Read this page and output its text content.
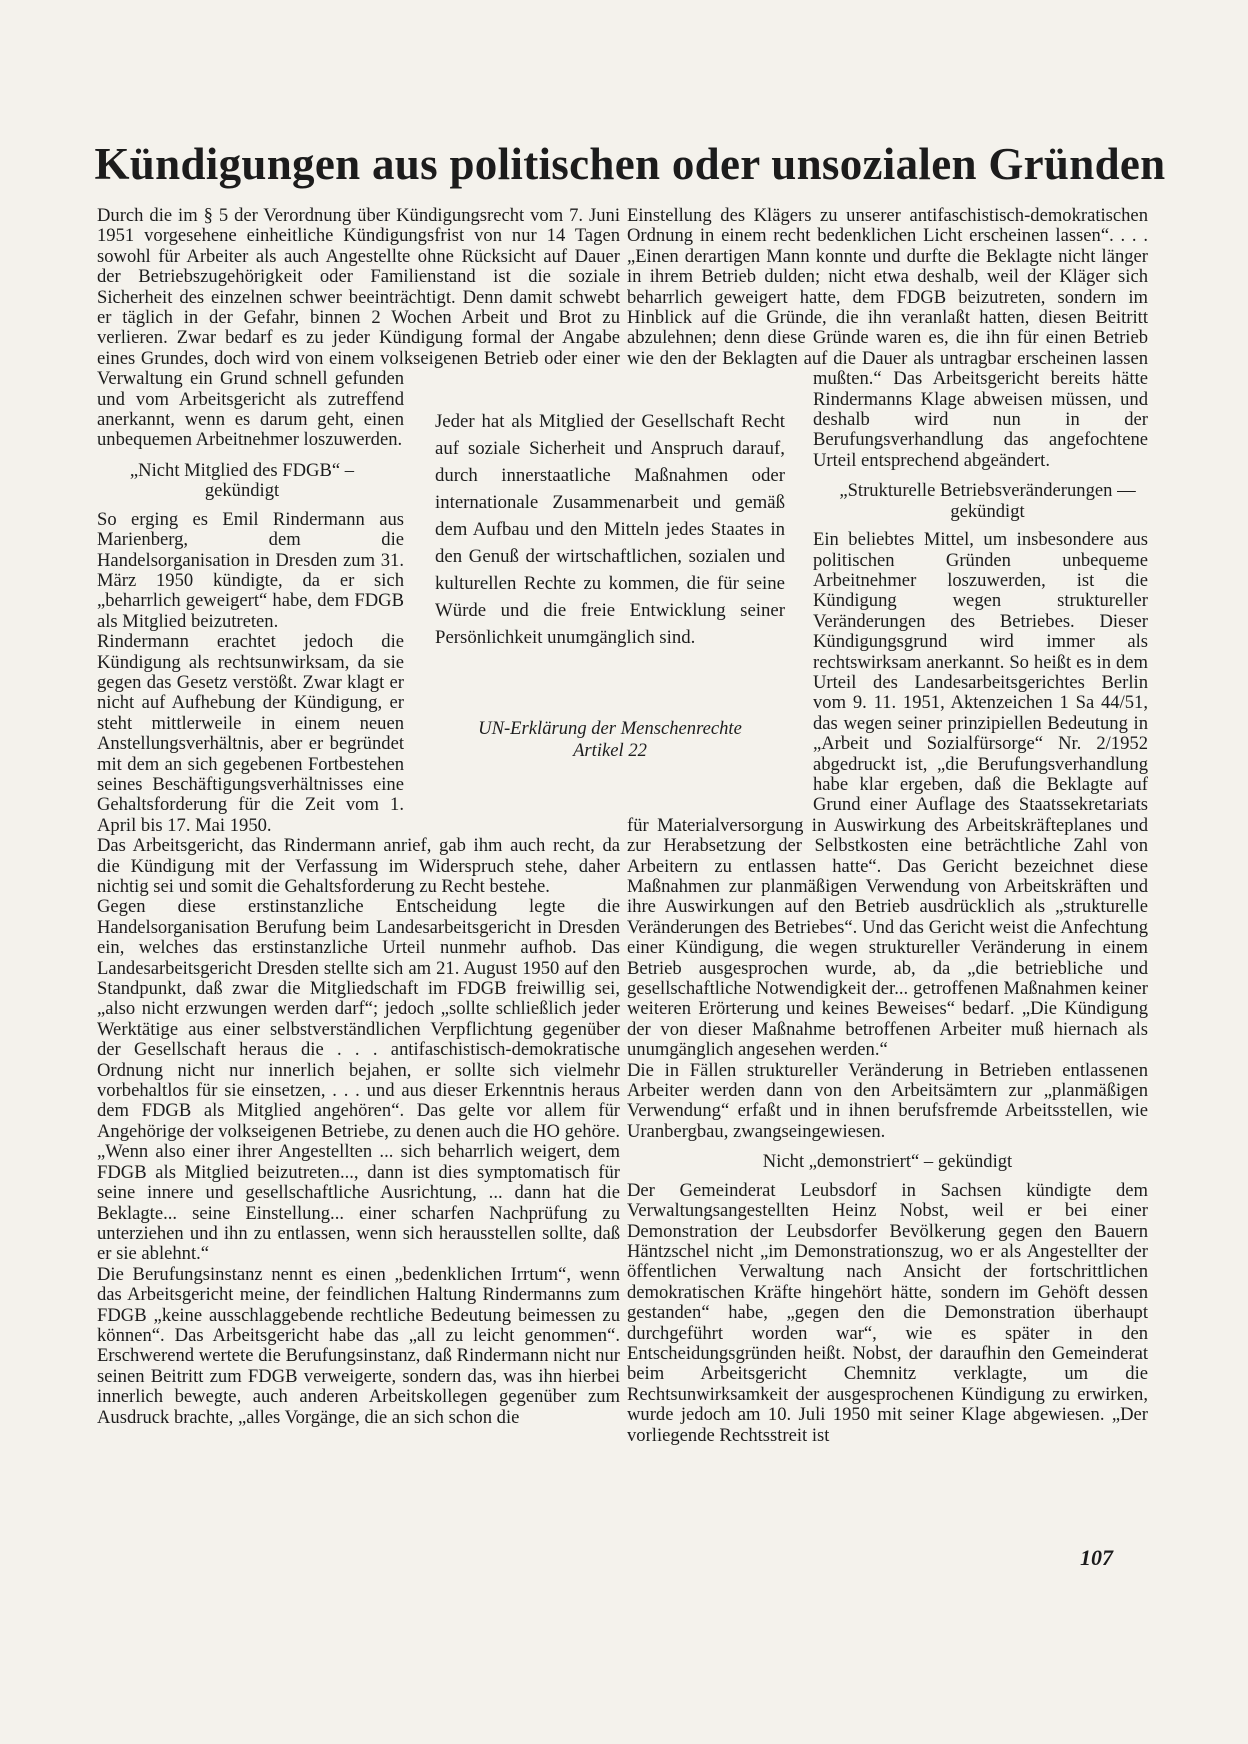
Kündigungen aus politischen oder unsozialen Gründen

Durch die im § 5 der Verordnung über Kündigungsrecht vom 7. Juni 1951 vorgesehene einheitliche Kündigungsfrist von nur 14 Tagen sowohl für Arbeiter als auch Angestellte ohne Rücksicht auf Dauer der Betriebszugehörigkeit oder Familienstand ist die soziale Sicherheit des einzelnen schwer beeinträchtigt. Denn damit schwebt er täglich in der Gefahr, binnen 2 Wochen Arbeit und Brot zu verlieren. Zwar bedarf es zu jeder Kündigung formal der Angabe eines Grundes, doch wird von einem volkseigenen Betrieb oder einer Verwaltung ein Grund schnell gefunden und vom Arbeitsgericht als zutreffend anerkannt, wenn es darum geht, einen unbequemen Arbeitnehmer loszuwerden.

„Nicht Mitglied des FDGB“ – gekündigt

So erging es Emil Rindermann aus Marienberg, dem die Handelsorganisation in Dresden zum 31. März 1950 kündigte, da er sich „beharrlich geweigert“ habe, dem FDGB als Mitglied beizutreten.

Rindermann erachtet jedoch die Kündigung als rechtsunwirksam, da sie gegen das Gesetz verstößt. Zwar klagt er nicht auf Aufhebung der Kündigung, er steht mittlerweile in einem neuen Anstellungsverhältnis, aber er begründet mit dem an sich gegebenen Fortbestehen seines Beschäftigungsverhältnisses eine Gehaltsforderung für die Zeit vom 1. April bis 17. Mai 1950.

Das Arbeitsgericht, das Rindermann anrief, gab ihm auch recht, da die Kündigung mit der Verfassung im Widerspruch stehe, daher nichtig sei und somit die Gehaltsforderung zu Recht bestehe.

Gegen diese erstinstanzliche Entscheidung legte die Handelsorganisation Berufung beim Landesarbeitsgericht in Dresden ein, welches das erstinstanzliche Urteil nunmehr aufhob. Das Landesarbeitsgericht Dresden stellte sich am 21. August 1950 auf den Standpunkt, daß zwar die Mitgliedschaft im FDGB freiwillig sei, „also nicht erzwungen werden darf“; jedoch „sollte schließlich jeder Werktätige aus einer selbstverständlichen Verpflichtung gegenüber der Gesellschaft heraus die . . . antifaschistisch-demokratische Ordnung nicht nur innerlich bejahen, er sollte sich vielmehr vorbehaltlos für sie einsetzen, . . . und aus dieser Erkenntnis heraus dem FDGB als Mitglied angehören“. Das gelte vor allem für Angehörige der volkseigenen Betriebe, zu denen auch die HO gehöre. „Wenn also einer ihrer Angestellten ... sich beharrlich weigert, dem FDGB als Mitglied beizutreten..., dann ist dies symptomatisch für seine innere und gesellschaftliche Ausrichtung, ... dann hat die Beklagte... seine Einstellung... einer scharfen Nachprüfung zu unterziehen und ihn zu entlassen, wenn sich herausstellen sollte, daß er sie ablehnt.“

Die Berufungsinstanz nennt es einen „bedenklichen Irrtum“, wenn das Arbeitsgericht meine, der feindlichen Haltung Rindermanns zum FDGB „keine ausschlaggebende rechtliche Bedeutung beimessen zu können“. Das Arbeitsgericht habe das „all zu leicht genommen“. Erschwerend wertete die Berufungsinstanz, daß Rindermann nicht nur seinen Beitritt zum FDGB verweigerte, sondern das, was ihn hierbei innerlich bewegte, auch anderen Arbeitskollegen gegenüber zum Ausdruck brachte, „alles Vorgänge, die an sich schon die

Einstellung des Klägers zu unserer antifaschistisch-demokratischen Ordnung in einem recht bedenklichen Licht erscheinen lassen“. . . . „Einen derartigen Mann konnte und durfte die Beklagte nicht länger in ihrem Betrieb dulden; nicht etwa deshalb, weil der Kläger sich beharrlich geweigert hatte, dem FDGB beizutreten, sondern im Hinblick auf die Gründe, die ihn veranlaßt hatten, diesen Beitritt abzulehnen; denn diese Gründe waren es, die ihn für einen Betrieb wie den der Beklagten auf die Dauer als untragbar erscheinen lassen mußten.“ Das Arbeitsgericht bereits hätte Rindermanns Klage abweisen müssen, und deshalb wird nun in der Berufungsverhandlung das angefochtene Urteil entsprechend abgeändert.

„Strukturelle Betriebsveränderungen — gekündigt

Ein beliebtes Mittel, um insbesondere aus politischen Gründen unbequeme Arbeitnehmer loszuwerden, ist die Kündigung wegen struktureller Veränderungen des Betriebes. Dieser Kündigungsgrund wird immer als rechtswirksam anerkannt. So heißt es in dem Urteil des Landesarbeitsgerichtes Berlin vom 9. 11. 1951, Aktenzeichen 1 Sa 44/51, das wegen seiner prinzipiellen Bedeutung in „Arbeit und Sozialfürsorge“ Nr. 2/1952 abgedruckt ist, „die Berufungsverhandlung habe klar ergeben, daß die Beklagte auf Grund einer Auflage des Staatssekretariats für Materialversorgung in Auswirkung des Arbeitskräfteplanes und zur Herabsetzung der Selbstkosten eine beträchtliche Zahl von Arbeitern zu entlassen hatte“. Das Gericht bezeichnet diese Maßnahmen zur planmäßigen Verwendung von Arbeitskräften und ihre Auswirkungen auf den Betrieb ausdrücklich als „strukturelle Veränderungen des Betriebes“. Und das Gericht weist die Anfechtung einer Kündigung, die wegen struktureller Veränderung in einem Betrieb ausgesprochen wurde, ab, da „die betriebliche und gesellschaftliche Notwendigkeit der... getroffenen Maßnahmen keiner weiteren Erörterung und keines Beweises“ bedarf. „Die Kündigung der von dieser Maßnahme betroffenen Arbeiter muß hiernach als unumgänglich angesehen werden.“

Die in Fällen struktureller Veränderung in Betrieben entlassenen Arbeiter werden dann von den Arbeitsämtern zur „planmäßigen Verwendung“ erfaßt und in ihnen berufsfremde Arbeitsstellen, wie Uranbergbau, zwangseingewiesen.

Nicht „demonstriert“ – gekündigt

Der Gemeinderat Leubsdorf in Sachsen kündigte dem Verwaltungsangestellten Heinz Nobst, weil er bei einer Demonstration der Leubsdorfer Bevölkerung gegen den Bauern Häntzschel nicht „im Demonstrationszug, wo er als Angestellter der öffentlichen Verwaltung nach Ansicht der fortschrittlichen demokratischen Kräfte hingehört hätte, sondern im Gehöft dessen gestanden“ habe, „gegen den die Demonstration überhaupt durchgeführt worden war“, wie es später in den Entscheidungsgründen heißt. Nobst, der daraufhin den Gemeinderat beim Arbeitsgericht Chemnitz verklagte, um die Rechtsunwirksamkeit der ausgesprochenen Kündigung zu erwirken, wurde jedoch am 10. Juli 1950 mit seiner Klage abgewiesen. „Der vorliegende Rechtsstreit ist

Jeder hat als Mitglied der Gesellschaft Recht auf soziale Sicherheit und Anspruch darauf, durch innerstaatliche Maßnahmen oder internationale Zusammenarbeit und gemäß dem Aufbau und den Mitteln jedes Staates in den Genuß der wirtschaftlichen, sozialen und kulturellen Rechte zu kommen, die für seine Würde und die freie Entwicklung seiner Persönlichkeit unumgänglich sind.

UN-Erklärung der Menschenrechte
Artikel 22
107
